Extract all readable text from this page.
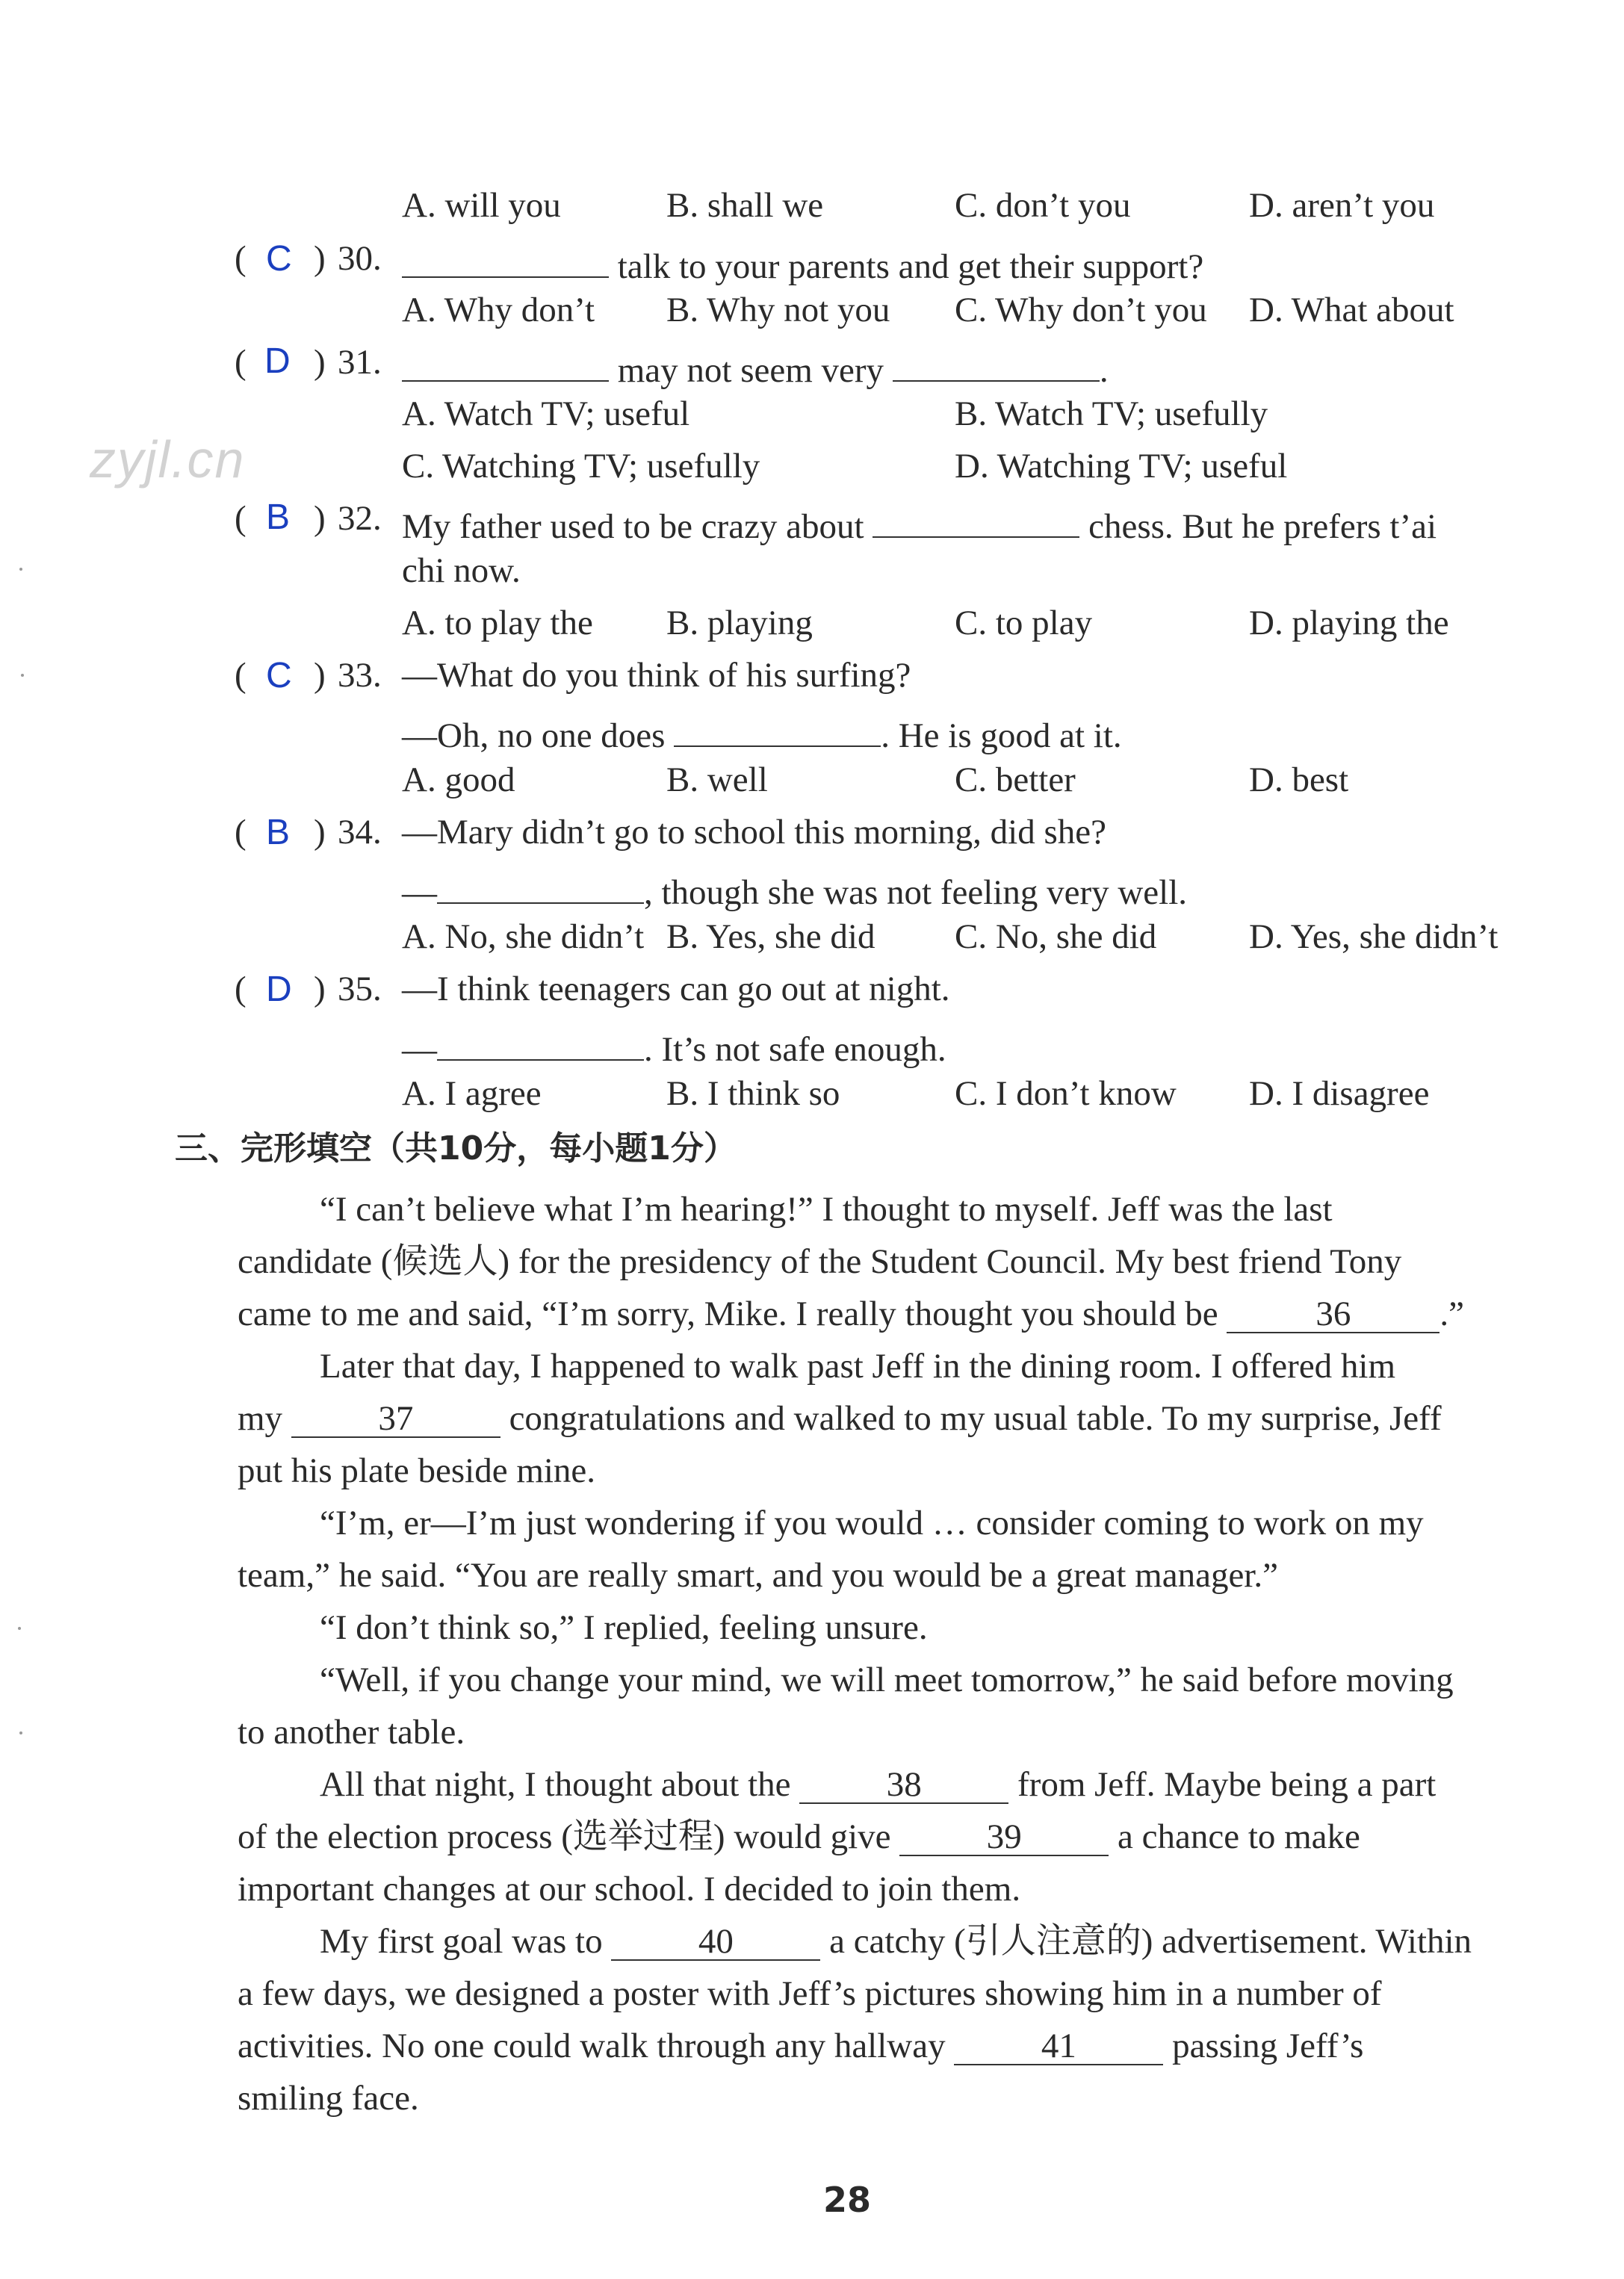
zyjl.cn
A. will you	B. shall we	C. don’t you	D. aren’t you
( C ) 30.	talk to your parents and get their support?
A. Why don’t B. Why not you C. Why don’t you D. What about
( D ) 31.	may not seem very	.
A. Watch TV; useful	B. Watch TV; usefully
C. Watching TV; usefully	D. Watching TV; useful
( B ) 32. My father used to be crazy about	chess. But he prefers t’ai
chi now.
A. to play the B. playing	C. to play	D. playing the
( C ) 33. —What do you think of his surfing?
—Oh, no one does	. He is good at it.
A. good	B. well	C. better	D. best
( B ) 34. —Mary didn’t go to school this morning, did she?
—	, though she was not feeling very well.
A. No, she didn’t B. Yes, she did C. No, she did	D. Yes, she didn’t
( D ) 35. —I think teenagers can go out at night.
—	. It’s not safe enough.
A. I agree	B. I think so	C. I don’t know D. I disagree
三、完形填空（共10分，每小题1分）
“I can’t believe what I’m hearing!” I thought to myself. Jeff was the last
candidate (候选人) for the presidency of the Student Council. My best friend Tony
came to me and said, “I’m sorry, Mike. I really thought you should be	36	.”
Later that day, I happened to walk past Jeff in the dining room. I offered him
my	37	congratulations and walked to my usual table. To my surprise, Jeff
put his plate beside mine.
“I’m, er—I’m just wondering if you would … consider coming to work on my
team,” he said. “You are really smart, and you would be a great manager.”
“I don’t think so,” I replied, feeling unsure.
“Well, if you change your mind, we will meet tomorrow,” he said before moving
to another table.
All that night, I thought about the	38	from Jeff. Maybe being a part
of the election process (选举过程) would give	39	a chance to make
important changes at our school. I decided to join them.
My first goal was to	40	a catchy (引人注意的) advertisement. Within
a few days, we designed a poster with Jeff’s pictures showing him in a number of
activities. No one could walk through any hallway	41	passing Jeff’s
smiling face.
28
